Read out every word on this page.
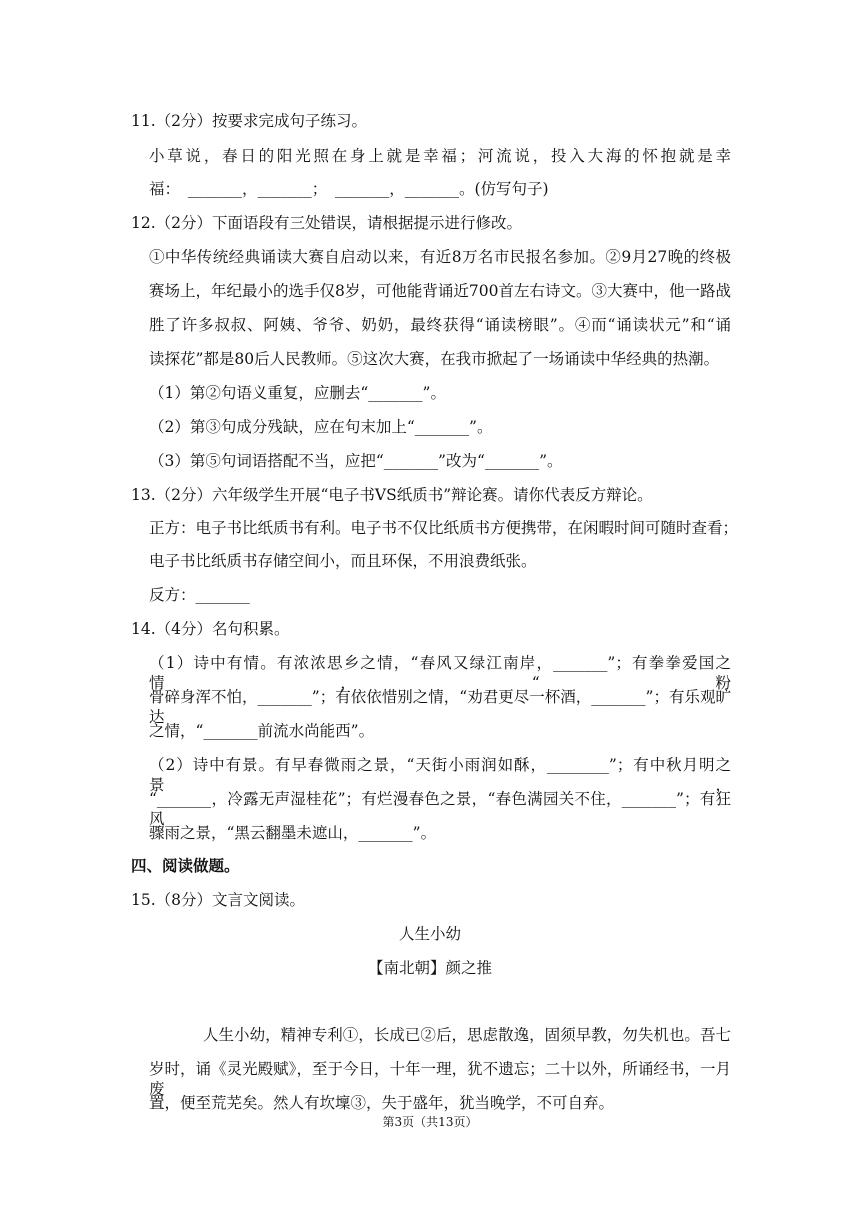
11.（2分）按要求完成句子练习。
小草说，春日的阳光照在身上就是幸福；河流说，投入大海的怀抱就是幸
福：　_______，_______；　_______，_______。(仿写句子)
12.（2分）下面语段有三处错误，请根据提示进行修改。
①中华传统经典诵读大赛自启动以来，有近8万名市民报名参加。②9月27晚的终极
赛场上，年纪最小的选手仅8岁，可他能背诵近700首左右诗文。③大赛中，他一路战
胜了许多叔叔、阿姨、爷爷、奶奶，最终获得“诵读榜眼”。④而“诵读状元”和“诵
读探花”都是80后人民教师。⑤这次大赛，在我市掀起了一场诵读中华经典的热潮。
（1）第②句语义重复，应删去“_______”。
（2）第③句成分残缺，应在句末加上“_______”。
（3）第⑤句词语搭配不当，应把“_______”改为“_______”。
13.（2分）六年级学生开展“电子书VS纸质书”辩论赛。请你代表反方辩论。
正方：电子书比纸质书有利。电子书不仅比纸质书方便携带，在闲暇时间可随时查看；
电子书比纸质书存储空间小，而且环保，不用浪费纸张。
反方：_______
14.（4分）名句积累。
（1）诗中有情。有浓浓思乡之情，“春风又绿江南岸，_______”；有拳拳爱国之情，“粉
骨碎身浑不怕，_______”；有依依惜别之情，“劝君更尽一杯酒，_______”；有乐观旷达
之情，“_______前流水尚能西”。
（2）诗中有景。有早春微雨之景，“天街小雨润如酥，________”；有中秋月明之景，
“_______，冷露无声湿桂花”；有烂漫春色之景，“春色满园关不住，_______”；有狂风
骤雨之景，“黑云翻墨未遮山，_______”。
四、阅读做题。
15.（8分）文言文阅读。
人生小幼
【南北朝】颜之推
人生小幼，精神专利①，长成已②后，思虑散逸，固须早教，勿失机也。吾七
岁时，诵《灵光殿赋》，至于今日，十年一理，犹不遗忘；二十以外，所诵经书，一月废
置，便至荒芜矣。然人有坎壈③，失于盛年，犹当晚学，不可自弃。
第3页（共13页）
